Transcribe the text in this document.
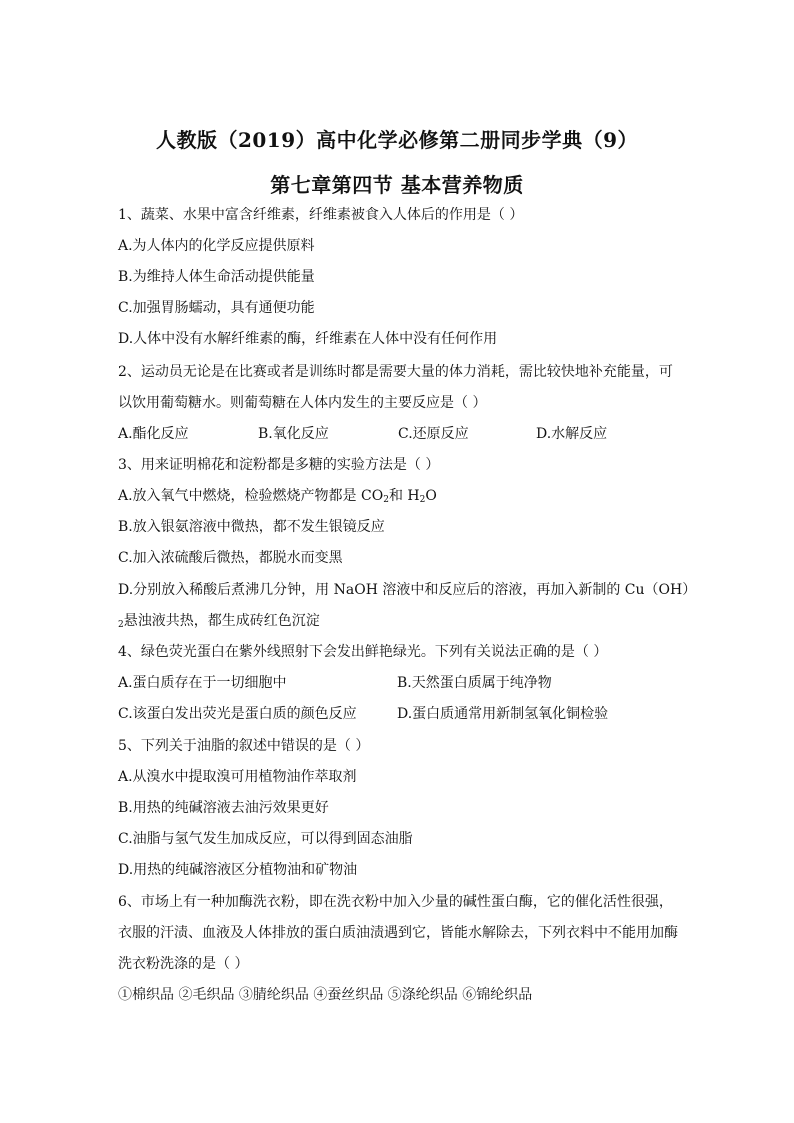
人教版（2019）高中化学必修第二册同步学典（9）
第七章第四节 基本营养物质
1、蔬菜、水果中富含纤维素，纤维素被食入人体后的作用是（ ）
A.为人体内的化学反应提供原料
B.为维持人体生命活动提供能量
C.加强胃肠蠕动，具有通便功能
D.人体中没有水解纤维素的酶，纤维素在人体中没有任何作用
2、运动员无论是在比赛或者是训练时都是需要大量的体力消耗，需比较快地补充能量，可
以饮用葡萄糖水。则葡萄糖在人体内发生的主要反应是（ ）
A.酯化反应	B.氧化反应	C.还原反应	D.水解反应
3、用来证明棉花和淀粉都是多糖的实验方法是（ ）
A.放入氧气中燃烧，检验燃烧产物都是 $CO_2$和 $H_2O$
B.放入银氨溶液中微热，都不发生银镜反应
C.加入浓硫酸后微热，都脱水而变黑
D.分别放入稀酸后煮沸几分钟，用 NaOH 溶液中和反应后的溶液，再加入新制的 Cu（OH）
$_2$悬浊液共热，都生成砖红色沉淀
4、绿色荧光蛋白在紫外线照射下会发出鲜艳绿光。下列有关说法正确的是（ ）
A.蛋白质存在于一切细胞中	B.天然蛋白质属于纯净物
C.该蛋白发出荧光是蛋白质的颜色反应	D.蛋白质通常用新制氢氧化铜检验
5、下列关于油脂的叙述中错误的是（ ）
A.从溴水中提取溴可用植物油作萃取剂
B.用热的纯碱溶液去油污效果更好
C.油脂与氢气发生加成反应，可以得到固态油脂
D.用热的纯碱溶液区分植物油和矿物油
6、市场上有一种加酶洗衣粉，即在洗衣粉中加入少量的碱性蛋白酶，它的催化活性很强，
衣服的汗渍、血液及人体排放的蛋白质油渍遇到它，皆能水解除去，下列衣料中不能用加酶
洗衣粉洗涤的是（ ）
①棉织品 ②毛织品 ③腈纶织品 ④蚕丝织品 ⑤涤纶织品 ⑥锦纶织品
